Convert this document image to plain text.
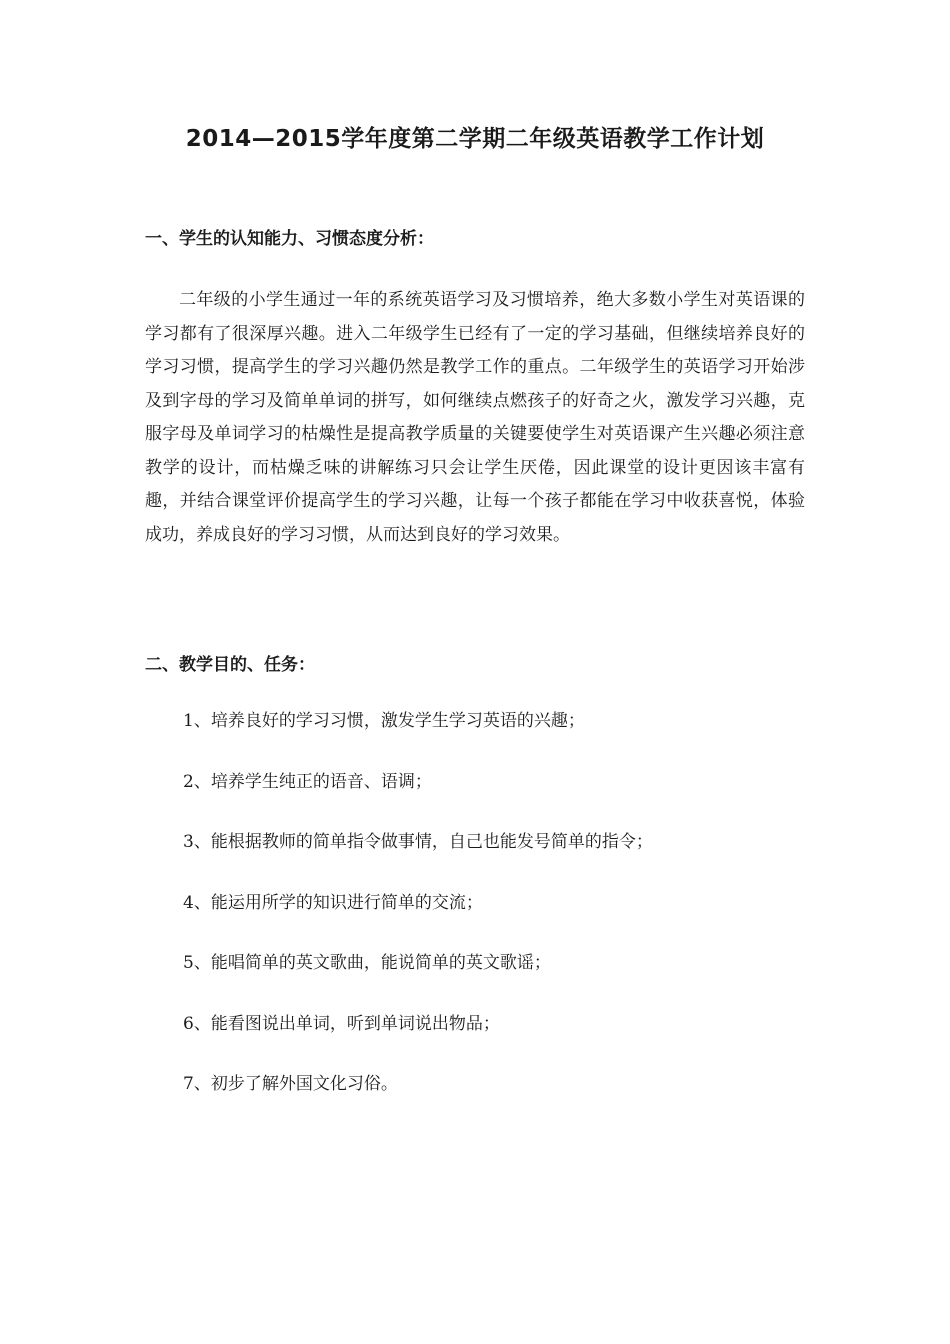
2014—2015学年度第二学期二年级英语教学工作计划
一、学生的认知能力、习惯态度分析：

二年级的小学生通过一年的系统英语学习及习惯培养，绝大多数小学生对英语课的学习都有了很深厚兴趣。进入二年级学生已经有了一定的学习基础，但继续培养良好的学习习惯，提高学生的学习兴趣仍然是教学工作的重点。二年级学生的英语学习开始涉及到字母的学习及简单单词的拼写，如何继续点燃孩子的好奇之火，激发学习兴趣，克服字母及单词学习的枯燥性是提高教学质量的关键要使学生对英语课产生兴趣必须注意教学的设计，而枯燥乏味的讲解练习只会让学生厌倦，因此课堂的设计更因该丰富有趣，并结合课堂评价提高学生的学习兴趣，让每一个孩子都能在学习中收获喜悦，体验成功，养成良好的学习习惯，从而达到良好的学习效果。

二、教学目的、任务：
1、培养良好的学习习惯，激发学生学习英语的兴趣；
2、培养学生纯正的语音、语调；
3、能根据教师的简单指令做事情，自己也能发号简单的指令；
4、能运用所学的知识进行简单的交流；
5、能唱简单的英文歌曲，能说简单的英文歌谣；
6、能看图说出单词，听到单词说出物品；
7、初步了解外国文化习俗。
